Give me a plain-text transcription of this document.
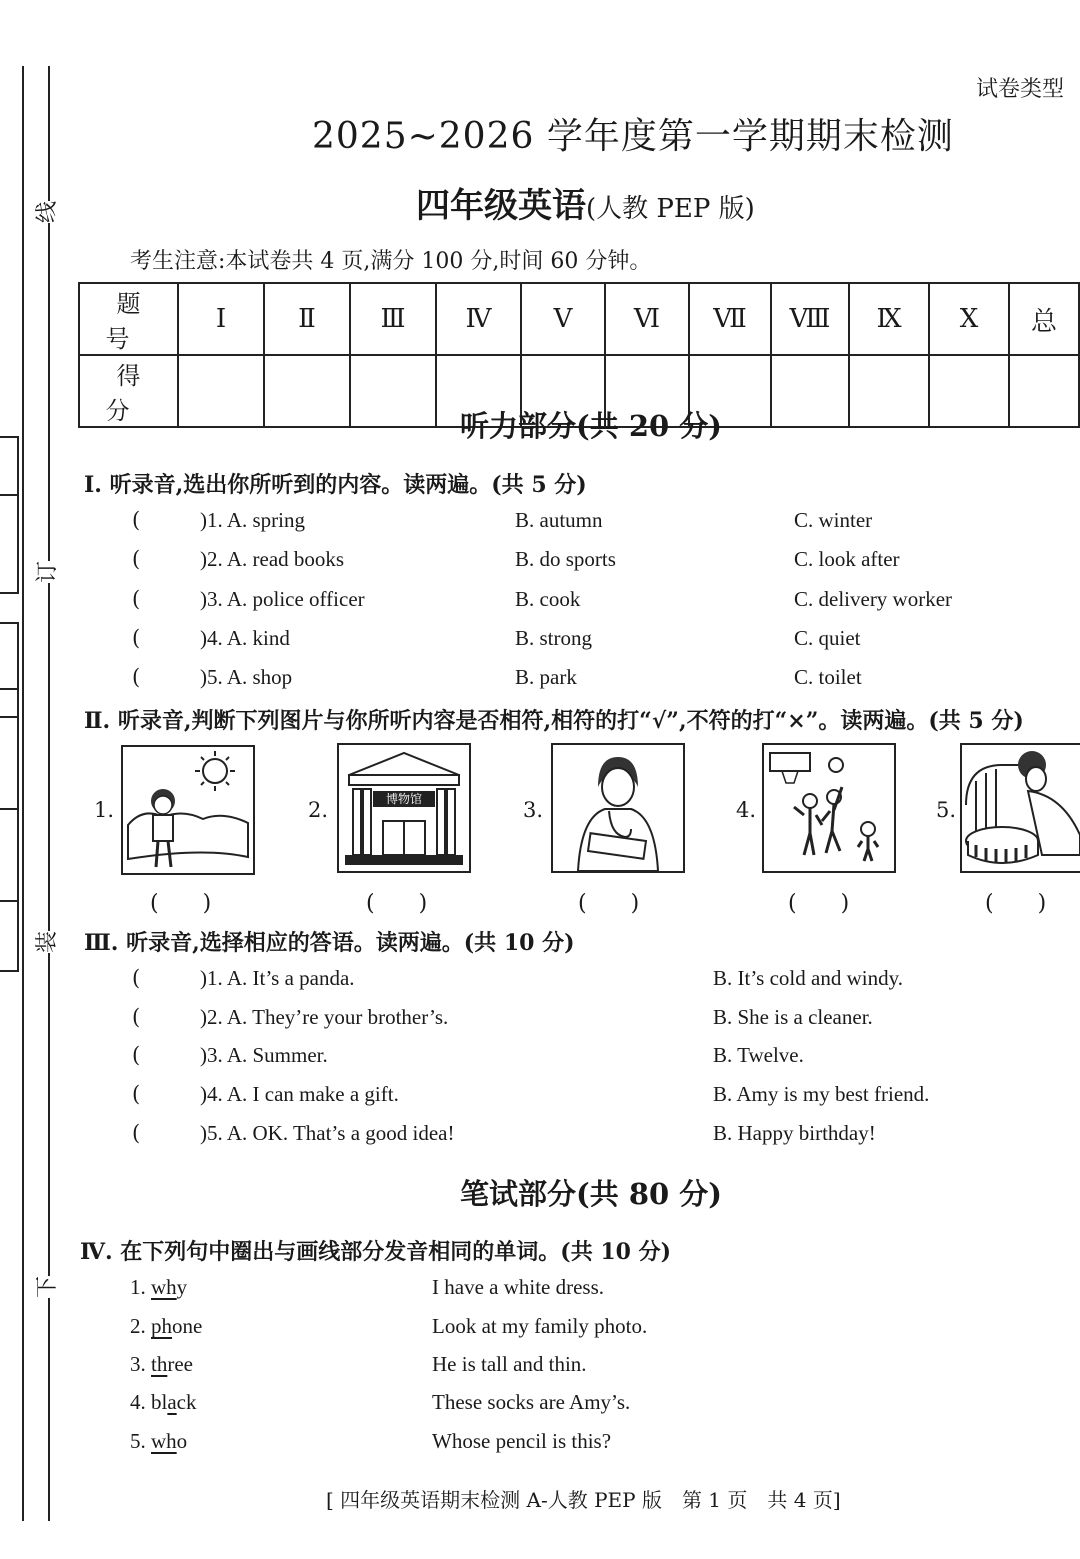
线
订
装
下
试卷类型
2025~2026 学年度第一学期期末检测
四年级英语(人教 PEP 版)
考生注意:本试卷共 4 页,满分 100 分,时间 60 分钟。
题　号	Ⅰ	Ⅱ	Ⅲ	Ⅳ	Ⅴ	Ⅵ	Ⅶ	Ⅷ	Ⅸ	Ⅹ	总
得　分												听力部分(共 20 分)
Ⅰ. 听录音,选出你所听到的内容。读两遍。(共 5 分)
(	)1. A. spring	B. autumn	C. winter
(	)2. A. read books	B. do sports	C. look after
(	)3. A. police officer	B. cook	C. delivery worker
(	)4. A. kind	B. strong	C. quiet
(	)5. A. shop	B. park	C. toilet
Ⅱ. 听录音,判断下列图片与你所听内容是否相符,相符的打“√”,不符的打“×”。读两遍。(共 5 分)
1.	2.	博物馆	3.	4.	5.
(　　)	(　　)	(　　)	(　　)	(　　)
Ⅲ. 听录音,选择相应的答语。读两遍。(共 10 分)
(	)1. A. It’s a panda.	B. It’s cold and windy.
(	)2. A. They’re your brother’s.	B. She is a cleaner.
(	)3. A. Summer.	B. Twelve.
(	)4. A. I can make a gift.	B. Amy is my best friend.
(	)5. A. OK. That’s a good idea!	B. Happy birthday!
笔试部分(共 80 分)
Ⅳ. 在下列句中圈出与画线部分发音相同的单词。(共 10 分)
1. why	I have a white dress.
2. phone	Look at my family photo.
3. three	He is tall and thin.
4. black	These socks are Amy’s.
5. who	Whose pencil is this?
[ 四年级英语期末检测 A-人教 PEP 版　第 1 页　共 4 页]
